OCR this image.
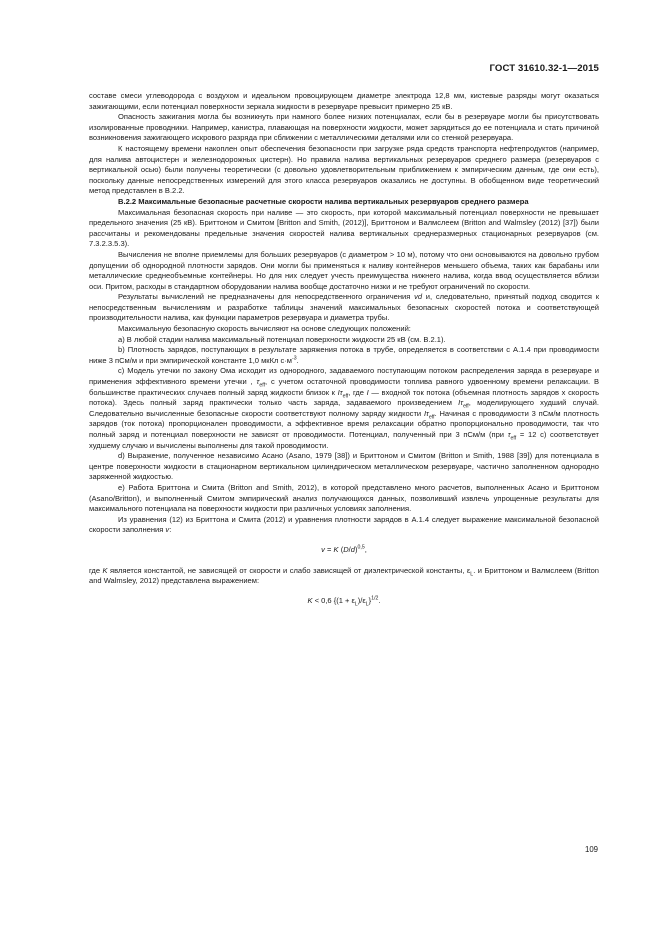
ГОСТ 31610.32-1—2015

составе смеси углеводорода с воздухом и идеальном провоцирующем диаметре электрода 12,8 мм, кистевые разряды могут оказаться зажигающими, если потенциал поверхности зеркала жидкости в резервуаре превысит примерно 25 кВ.

Опасность зажигания могла бы возникнуть при намного более низких потенциалах, если бы в резервуаре могли бы присутствовать изолированные проводники. Например, канистра, плавающая на поверхности жидкости, может зарядиться до ее потенциала и стать причиной возникновения зажигающего искрового разряда при сближении с металлическими деталями или со стенкой резервуара.

К настоящему времени накоплен опыт обеспечения безопасности при загрузке ряда средств транспорта нефтепродуктов (например, для налива автоцистерн и железнодорожных цистерн). Но правила налива вертикальных резервуаров среднего размера (резервуаров с вертикальной осью) были получены теоретически (с довольно удовлетворительным приближением к эмпирическим данным, где они есть), поскольку данные непосредственных измерений для этого класса резервуаров оказались не доступны. В обобщенном виде теоретический метод представлен в В.2.2.

В.2.2 Максимальные безопасные расчетные скорости налива вертикальных резервуаров среднего размера

Максимальная безопасная скорость при наливе — это скорость, при которой максимальный потенциал поверхности не превышает предельного значения (25 кВ). Бриттоном и Смитом [Britton and Smith, (2012)], Бриттоном и Валмслеем (Britton and Walmsley (2012) [37]) были рассчитаны и рекомендованы предельные значения скоростей налива вертикальных среднеразмерных стационарных резервуаров (см. 7.3.2.3.5.3).

Вычисления не вполне приемлемы для больших резервуаров (с диаметром > 10 м), потому что они основываются на довольно грубом допущении об однородной плотности зарядов. Они могли бы применяться к наливу контейнеров меньшего объема, таких как барабаны или металлические среднеобъемные контейнеры. Но для них следует учесть преимущества нижнего налива, когда ввод осуществляется вблизи оси. Притом, расходы в стандартном оборудовании налива вообще достаточно низки и не требуют ограничений по скорости.

Результаты вычислений не предназначены для непосредственного ограничения vd и, следовательно, принятый подход сводится к непосредственным вычислениям и разработке таблицы значений максимальных безопасных скоростей потока и соответствующей производительности налива, как функции параметров резервуара и диаметра трубы.

Максимальную безопасную скорость вычисляют на основе следующих положений:

a) В любой стадии налива максимальный потенциал поверхности жидкости 25 кВ (см. В.2.1).

b) Плотность зарядов, поступающих в результате заряжения потока в трубе, определяется в соответствии с А.1.4 при проводимости ниже 3 пСм/м и при эмпирической константе 1,0 мкКл $с\cdot м^{-3}$.

c) Модель утечки по закону Ома исходит из однородного, задаваемого поступающим потоком распределения заряда в резервуаре и применения эффективного времени утечки , $\tau_{eff}$, с учетом остаточной проводимости топлива равного удвоенному времени релаксации. В большинстве практических случаев полный заряд жидкости близок к $I\tau_{eff}$, где I — входной ток потока (объемная плотность зарядов х скорость потока). Здесь полный заряд практически только часть заряда, задаваемого произведением $I\tau_{eff}$, моделирующего худший случай. Следовательно вычисленные безопасные скорости соответствуют полному заряду жидкости $I\tau_{eff}$. Начиная с проводимости 3 пСм/м плотность зарядов (ток потока) пропорционален проводимости, а эффективное время релаксации обратно пропорционально проводимости, так что полный заряд и потенциал поверхности не зависят от проводимости. Потенциал, полученный при 3 пСм/м (при $\tau_{eff} = 12$ с) соответствует худшему случаю и вычислены выполнены для такой проводимости.

d) Выражение, полученное независимо Асано (Asano, 1979 [38]) и Бриттоном и Смитом (Britton и Smith, 1988 [39]) для потенциала в центре поверхности жидкости в стационарном вертикальном цилиндрическом металлическом резервуаре, частично заполненном однородно заряженной жидкостью.

e) Работа Бриттона и Смита (Britton and Smith, 2012), в которой представлено много расчетов, выполненных Асано и Бриттоном (Asano/Britton), и выполненный Смитом эмпирический анализ получающихся данных, позволивший извлечь упрощенные результаты для максимального потенциала на поверхности жидкости при различных условиях заполнения.

Из уравнения (12) из Бриттона и Смита (2012) и уравнения плотности зарядов в А.1.4 следует выражение максимальной безопасной скорости заполнения v:

v = K $(D/d)^{0,5}$,

где K является константой, не зависящей от скорости и слабо зависящей от диэлектрической константы, $\varepsilon_L$. и Бриттоном и Валмслеем (Britton and Walmsley, 2012) представлена выражением:

K < 0,6 $\{(1 + \varepsilon_L)/\varepsilon_L\}^{1/2}$.

109
